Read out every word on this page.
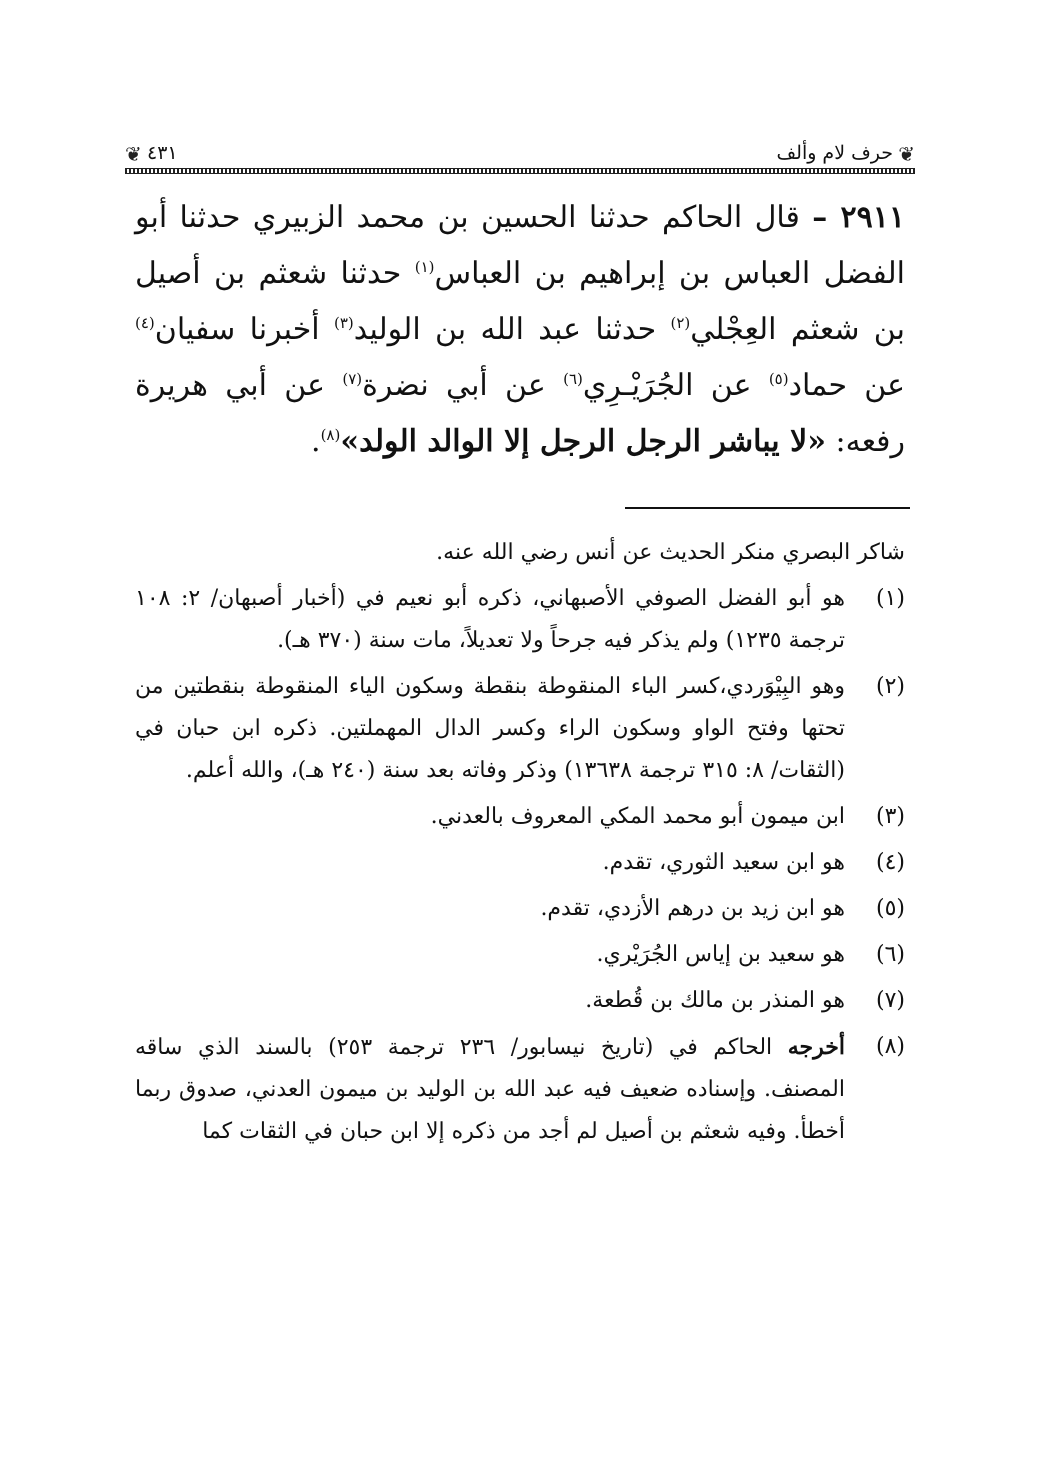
❦
حرف لام وألف
٤٣١
❦
٢٩١١ – قال الحاكم حدثنا الحسين بن محمد الزبيري حدثنا أبو الفضل العباس بن إبراهيم بن العباس$^{(١)}$ حدثنا شعثم بن أصيل بن شعثم العِجْلي$^{(٢)}$ حدثنا عبد الله بن الوليد$^{(٣)}$ أخبرنا سفيان$^{(٤)}$ عن حماد$^{(٥)}$ عن الجُرَيْـرِي$^{(٦)}$ عن أبي نضرة$^{(٧)}$ عن أبي هريرة رفعه: «لا يباشر الرجل الرجل إلا الوالد الولد»$^{(٨)}$.
شاكر البصري منكر الحديث عن أنس رضي الله عنه.
(١)
هو أبو الفضل الصوفي الأصبهاني، ذكره أبو نعيم في (أخبار أصبهان/ ٢: ١٠٨ ترجمة ١٢٣٥) ولم يذكر فيه جرحاً ولا تعديلاً، مات سنة (٣٧٠ هـ).
(٢)
وهو البِيْوَردي،كسر الباء المنقوطة بنقطة وسكون الياء المنقوطة بنقطتين من تحتها وفتح الواو وسكون الراء وكسر الدال المهملتين. ذكره ابن حبان في (الثقات/ ٨: ٣١٥ ترجمة ١٣٦٣٨) وذكر وفاته بعد سنة (٢٤٠ هـ)، والله أعلم.
(٣)
ابن ميمون أبو محمد المكي المعروف بالعدني.
(٤)
هو ابن سعيد الثوري، تقدم.
(٥)
هو ابن زيد بن درهم الأزدي، تقدم.
(٦)
هو سعيد بن إياس الجُرَيْري.
(٧)
هو المنذر بن مالك بن قُطعة.
(٨)
أخرجه الحاكم في (تاريخ نيسابور/ ٢٣٦ ترجمة ٢٥٣) بالسند الذي ساقه المصنف. وإسناده ضعيف فيه عبد الله بن الوليد بن ميمون العدني، صدوق ربما أخطأ. وفيه شعثم بن أصيل لم أجد من ذكره إلا ابن حبان في الثقات كما
